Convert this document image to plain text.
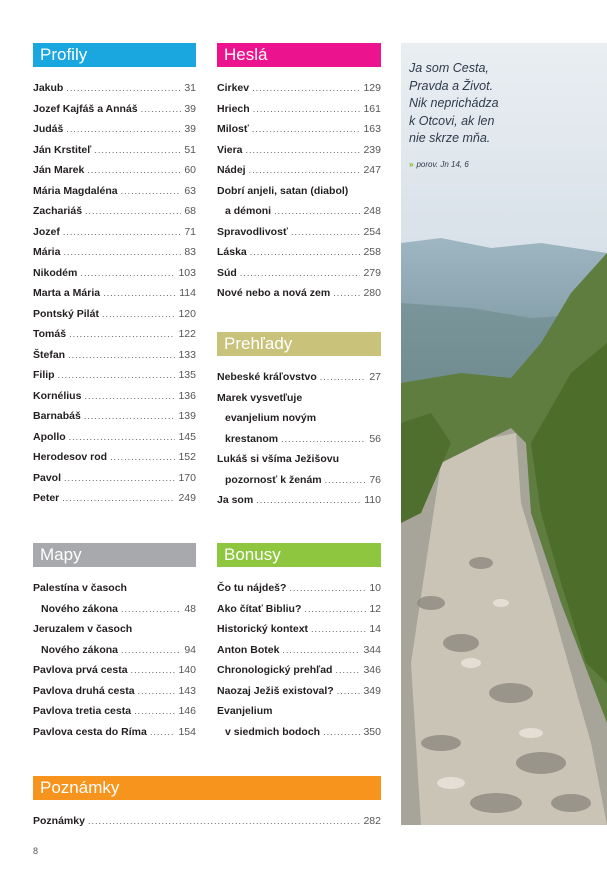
Ja som Cesta,
Pravda a Život.
Nik neprichádza
k Otcovi, ak len
nie skrze mňa.
» porov. Jn 14, 6
Profily
Jakub .....	31
Jozef Kajfáš a Annáš .....	39
Judáš .....	39
Ján Krstiteľ .....	51
Ján Marek .....	60
Mária Magdaléna .....	63
Zachariáš .....	68
Jozef .....	71
Mária .....	83
Nikodém .....	103
Marta a Mária .....	114
Pontský Pilát .....	120
Tomáš .....	122
Štefan .....	133
Filip .....	135
Kornélius .....	136
Barnabáš .....	139
Apollo .....	145
Herodesov rod .....	152
Pavol .....	170
Peter .....	249
Heslá
Cirkev .....	129
Hriech .....	161
Milosť .....	163
Viera .....	239
Nádej .....	247
Dobrí anjeli, satan (diabol)
a démoni .....	248
Spravodlivosť .....	254
Láska .....	258
Súd .....	279
Nové nebo a nová zem .....	280
Prehľady
Nebeské kráľovstvo .....	27
Marek vysvetľuje
evanjelium novým
krestanom .....	56
Lukáš si všíma Ježišovu
pozornosť k ženám .....	76
Ja som .....	110
Mapy
Palestína v časoch
Nového zákona .....	48
Jeruzalem v časoch
Nového zákona .....	94
Pavlova prvá cesta .....	140
Pavlova druhá cesta .....	143
Pavlova tretia cesta .....	146
Pavlova cesta do Ríma .....	154
Bonusy
Čo tu nájdeš? .....	10
Ako čítať Bibliu? .....	12
Historický kontext .....	14
Anton Botek .....	344
Chronologický prehľad .....	346
Naozaj Ježiš existoval? .....	349
Evanjelium
v siedmich bodoch .....	350
Poznámky
Poznámky .....	282
8
